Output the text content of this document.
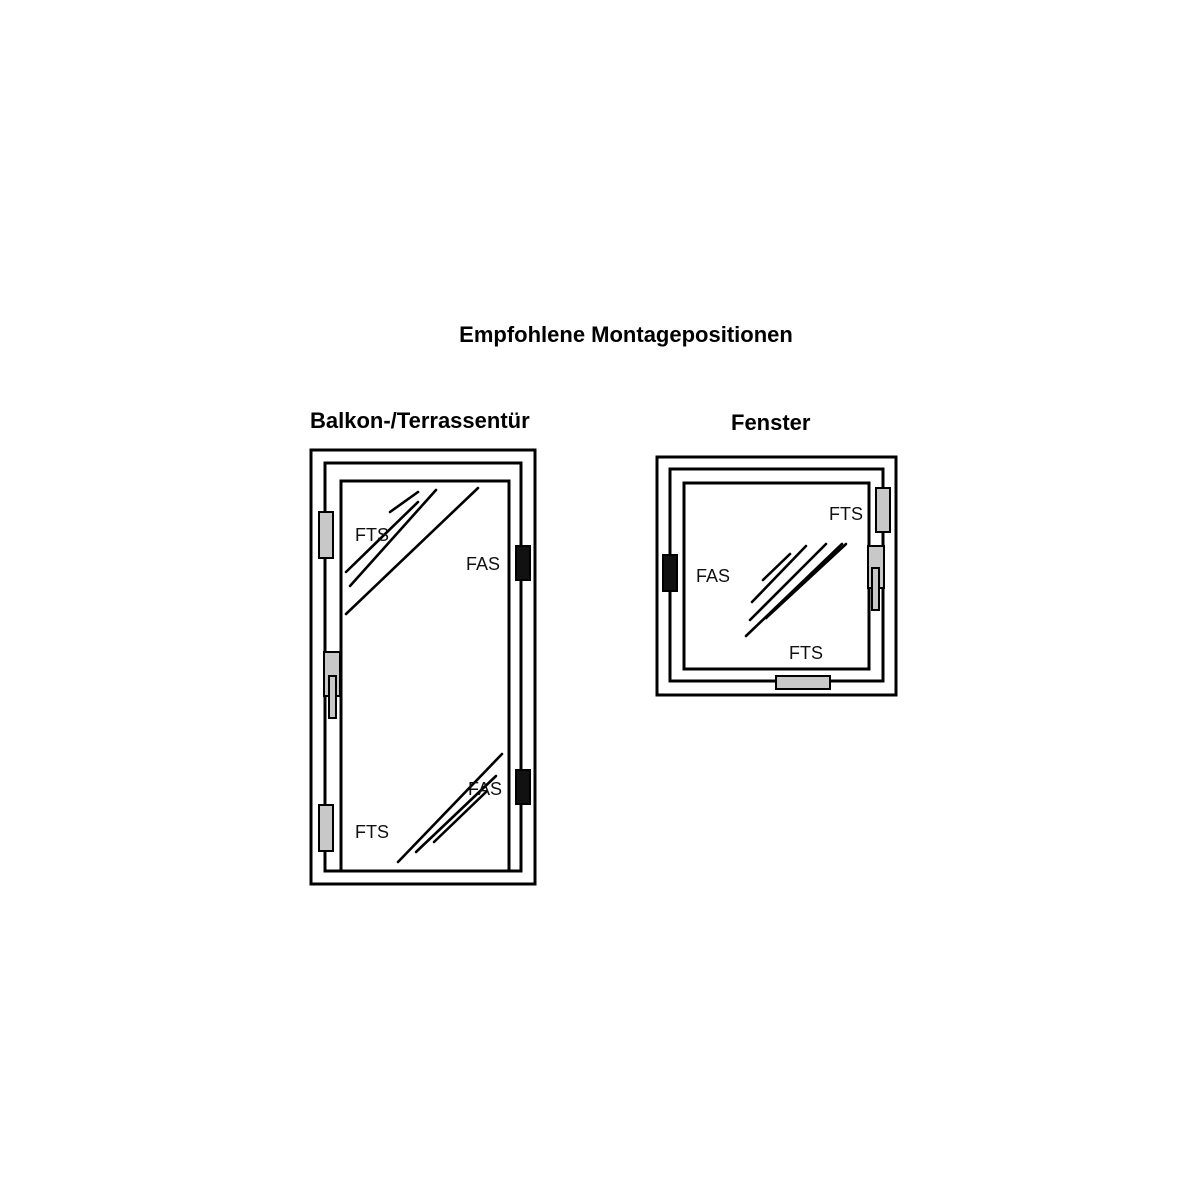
Empfohlene Montagepositionen
Balkon-/Terrassentür	Fenster
FTS
FAS
FAS
FTS
FTS
FAS
FTS
